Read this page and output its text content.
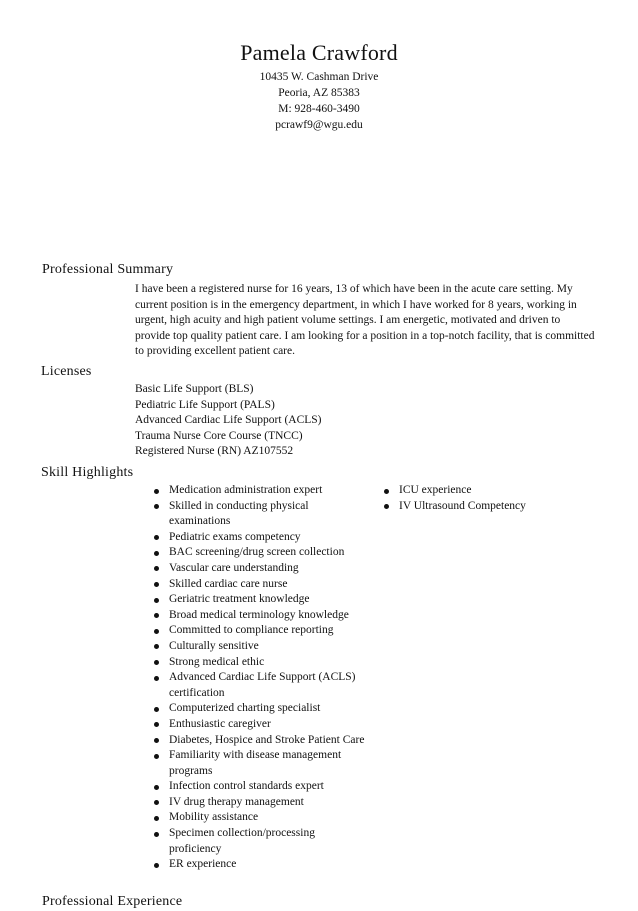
Pamela Crawford

10435 W. Cashman Drive

Peoria, AZ 85383

M: 928-460-3490

pcrawf9@wgu.edu

Professional Summary

I have been a registered nurse for 16 years, 13 of which have been in the acute care setting. My current position is in the emergency department, in which I have worked for 8 years, working in urgent, high acuity and high patient volume settings. I am energetic, motivated and driven to provide top quality patient care. I am looking for a position in a top-notch facility, that is committed to providing excellent patient care.

Licenses
Basic Life Support (BLS)
Pediatric Life Support (PALS)
Advanced Cardiac Life Support (ACLS)
Trauma Nurse Core Course (TNCC)
Registered Nurse (RN) AZ107552
Skill Highlights
Medication administration expert
Skilled in conducting physical examinations
Pediatric exams competency
BAC screening/drug screen collection
Vascular care understanding
Skilled cardiac care nurse
Geriatric treatment knowledge
Broad medical terminology knowledge
Committed to compliance reporting
Culturally sensitive
Strong medical ethic
Advanced Cardiac Life Support (ACLS) certification
Computerized charting specialist
Enthusiastic caregiver
Diabetes, Hospice and Stroke Patient Care
Familiarity with disease management programs
Infection control standards expert
IV drug therapy management
Mobility assistance
Specimen collection/processing proficiency
ER experience
ICU experience
IV Ultrasound Competency
Professional Experience
